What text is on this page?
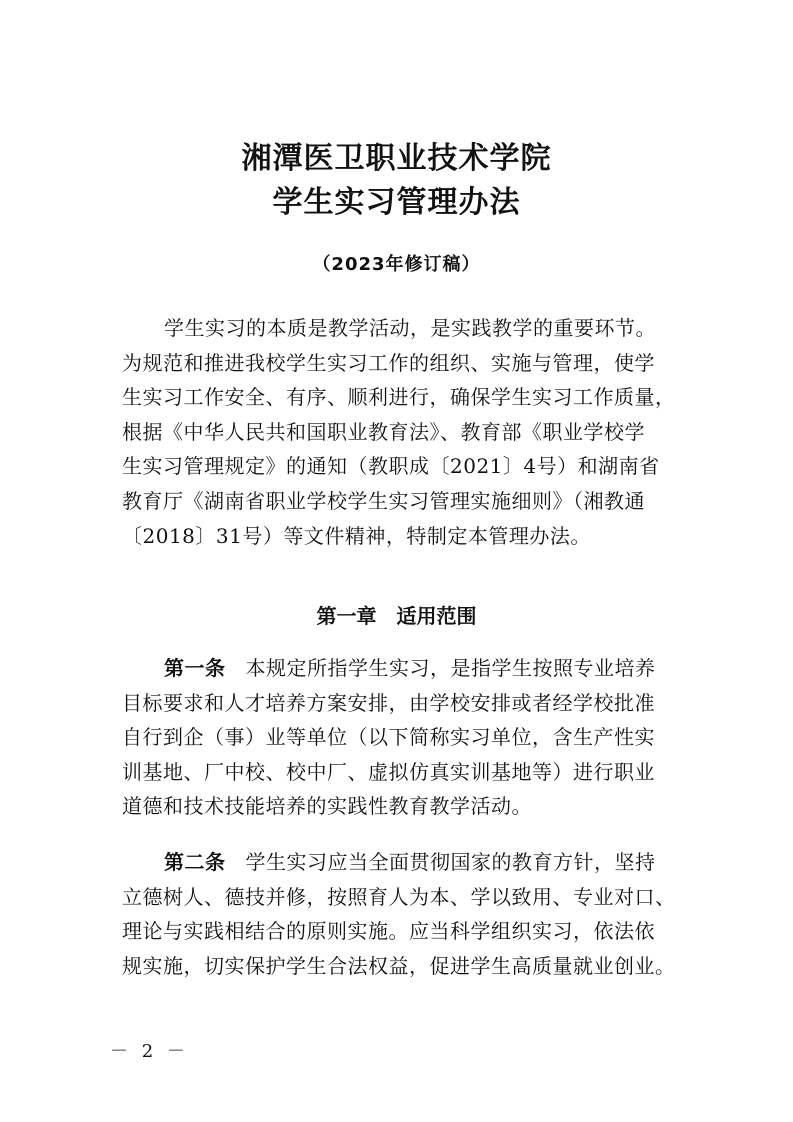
湘潭医卫职业技术学院
学生实习管理办法
（2023年修订稿）
学生实习的本质是教学活动，是实践教学的重要环节。
为规范和推进我校学生实习工作的组织、实施与管理，使学
生实习工作安全、有序、顺利进行，确保学生实习工作质量，
根据《中华人民共和国职业教育法》、教育部《职业学校学
生实习管理规定》的通知（教职成〔2021〕4号）和湖南省
教育厅《湖南省职业学校学生实习管理实施细则》（湘教通
〔2018〕31号）等文件精神，特制定本管理办法。
第一章　适用范围
第一条 本规定所指学生实习，是指学生按照专业培养
目标要求和人才培养方案安排，由学校安排或者经学校批准
自行到企（事）业等单位（以下简称实习单位，含生产性实
训基地、厂中校、校中厂、虚拟仿真实训基地等）进行职业
道德和技术技能培养的实践性教育教学活动。
第二条 学生实习应当全面贯彻国家的教育方针，坚持
立德树人、德技并修，按照育人为本、学以致用、专业对口、
理论与实践相结合的原则实施。应当科学组织实习，依法依
规实施，切实保护学生合法权益，促进学生高质量就业创业。
－ 2 －
